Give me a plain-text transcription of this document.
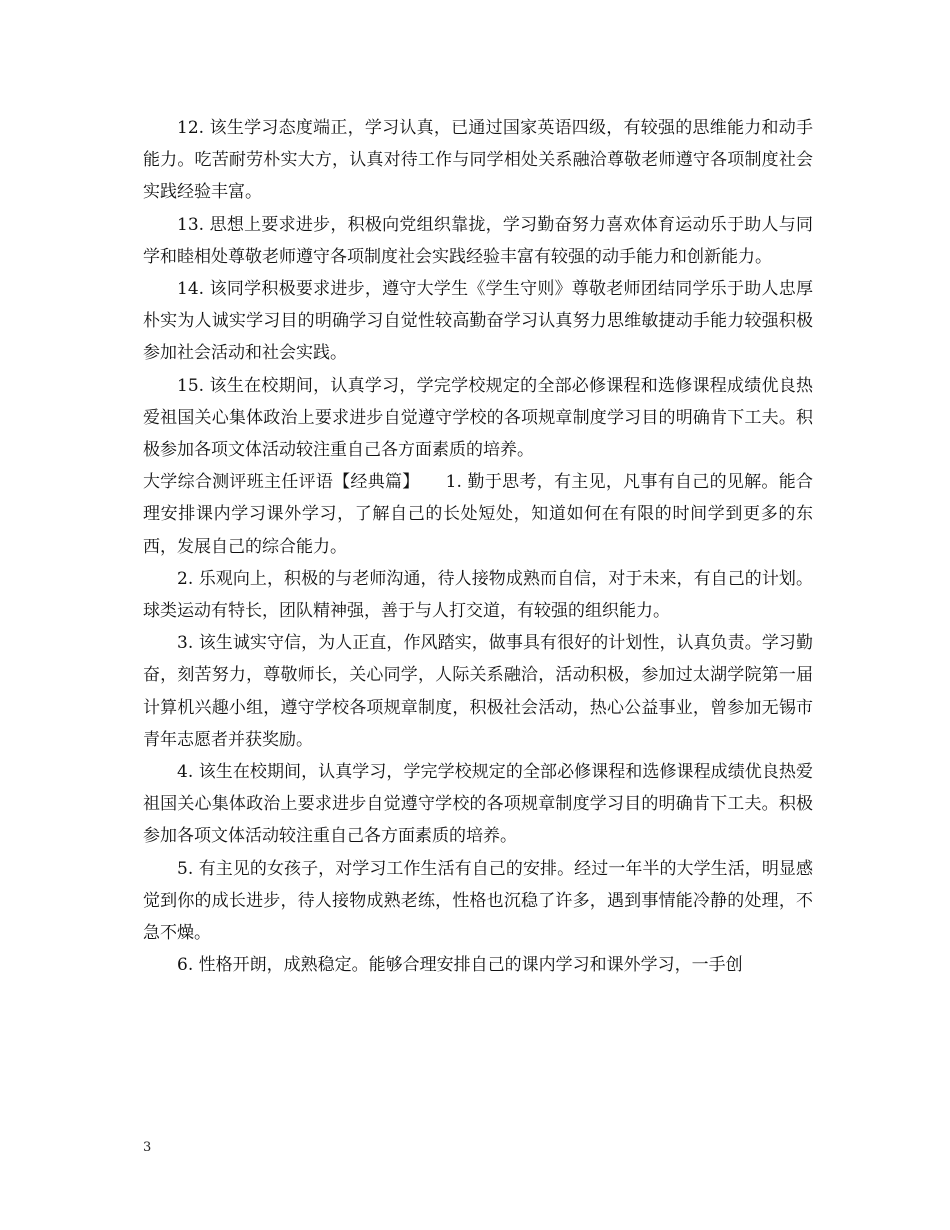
12. 该生学习态度端正，学习认真，已通过国家英语四级，有较强的思维能力和动手能力。吃苦耐劳朴实大方，认真对待工作与同学相处关系融洽尊敬老师遵守各项制度社会实践经验丰富。

13. 思想上要求进步，积极向党组织靠拢，学习勤奋努力喜欢体育运动乐于助人与同学和睦相处尊敬老师遵守各项制度社会实践经验丰富有较强的动手能力和创新能力。

14. 该同学积极要求进步，遵守大学生《学生守则》尊敬老师团结同学乐于助人忠厚朴实为人诚实学习目的明确学习自觉性较高勤奋学习认真努力思维敏捷动手能力较强积极参加社会活动和社会实践。

15. 该生在校期间，认真学习，学完学校规定的全部必修课程和选修课程成绩优良热爱祖国关心集体政治上要求进步自觉遵守学校的各项规章制度学习目的明确肯下工夫。积极参加各项文体活动较注重自己各方面素质的培养。

大学综合测评班主任评语【经典篇】　　1. 勤于思考，有主见，凡事有自己的见解。能合理安排课内学习课外学习，了解自己的长处短处，知道如何在有限的时间学到更多的东西，发展自己的综合能力。

2. 乐观向上，积极的与老师沟通，待人接物成熟而自信，对于未来，有自己的计划。球类运动有特长，团队精神强，善于与人打交道，有较强的组织能力。

3. 该生诚实守信，为人正直，作风踏实，做事具有很好的计划性，认真负责。学习勤奋，刻苦努力，尊敬师长，关心同学，人际关系融洽，活动积极，参加过太湖学院第一届计算机兴趣小组，遵守学校各项规章制度，积极社会活动，热心公益事业，曾参加无锡市青年志愿者并获奖励。

4. 该生在校期间，认真学习，学完学校规定的全部必修课程和选修课程成绩优良热爱祖国关心集体政治上要求进步自觉遵守学校的各项规章制度学习目的明确肯下工夫。积极参加各项文体活动较注重自己各方面素质的培养。

5. 有主见的女孩子，对学习工作生活有自己的安排。经过一年半的大学生活，明显感觉到你的成长进步，待人接物成熟老练，性格也沉稳了许多，遇到事情能冷静的处理，不急不燥。

6. 性格开朗，成熟稳定。能够合理安排自己的课内学习和课外学习，一手创

3
